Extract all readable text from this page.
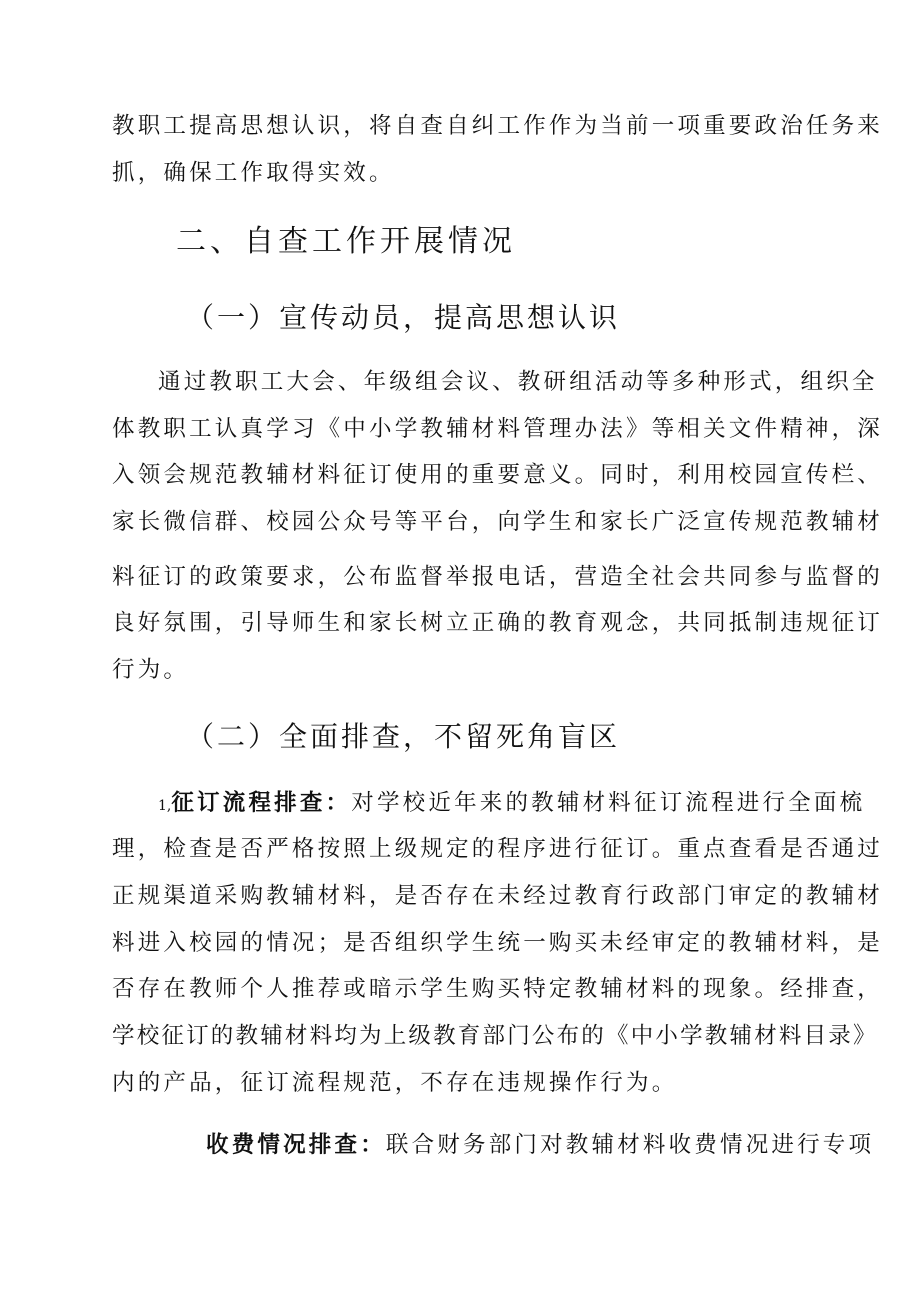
教职工提高思想认识，将自查自纠工作作为当前一项重要政治任务来
抓，确保工作取得实效。
二、自查工作开展情况
（一）宣传动员，提高思想认识
通过教职工大会、年级组会议、教研组活动等多种形式，组织全
体教职工认真学习《中小学教辅材料管理办法》等相关文件精神，深
入领会规范教辅材料征订使用的重要意义。同时，利用校园宣传栏、
家长微信群、校园公众号等平台，向学生和家长广泛宣传规范教辅材
料征订的政策要求，公布监督举报电话，营造全社会共同参与监督的
良好氛围，引导师生和家长树立正确的教育观念，共同抵制违规征订
行为。
（二）全面排查，不留死角盲区
1,征订流程排查：对学校近年来的教辅材料征订流程进行全面梳
理，检查是否严格按照上级规定的程序进行征订。重点查看是否通过
正规渠道采购教辅材料，是否存在未经过教育行政部门审定的教辅材
料进入校园的情况；是否组织学生统一购买未经审定的教辅材料，是
否存在教师个人推荐或暗示学生购买特定教辅材料的现象。经排查，
学校征订的教辅材料均为上级教育部门公布的《中小学教辅材料目录》
内的产品，征订流程规范，不存在违规操作行为。
收费情况排查：联合财务部门对教辅材料收费情况进行专项
